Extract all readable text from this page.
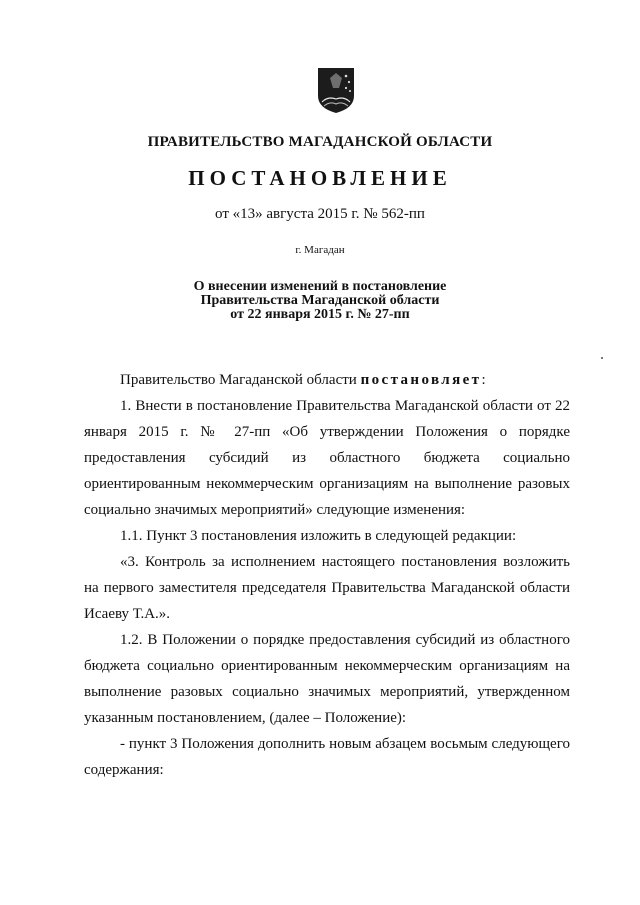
ПРАВИТЕЛЬСТВО МАГАДАНСКОЙ ОБЛАСТИ
ПОСТАНОВЛЕНИЕ
от «13» августа 2015 г. № 562-пп
г. Магадан
О внесении изменений в постановление
Правительства Магаданской области
от 22 января 2015 г. № 27-пп

Правительство Магаданской области постановляет:

1. Внести в постановление Правительства Магаданской области от 22 января 2015 г. № 27-пп «Об утверждении Положения о порядке предоставления субсидий из областного бюджета социально ориентированным некоммерческим организациям на выполнение разовых социально значимых мероприятий» следующие изменения:

1.1. Пункт 3 постановления изложить в следующей редакции:

«3. Контроль за исполнением настоящего постановления возложить на первого заместителя председателя Правительства Магаданской области Исаеву Т.А.».

1.2. В Положении о порядке предоставления субсидий из областного бюджета социально ориентированным некоммерческим организациям на выполнение разовых социально значимых мероприятий, утвержденном указанным постановлением, (далее – Положение):

- пункт 3 Положения дополнить новым абзацем восьмым следующего содержания:
